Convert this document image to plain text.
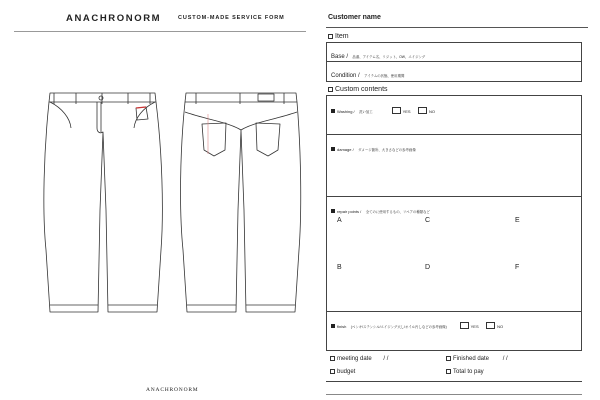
ANACHRONORM	CUSTOM-MADE SERVICE FORM
ANACHRONORM
Customer name
Item
Base / 品番、アイテム名、リジット、OW、エイジング
Condition / アイテムの状態、使用期間
Custom contents
Washing / 洗い加工	YES	NO
damage / ダメージ箇所、大きさなどの参考画像
repair points / 全てのに使用するもの、リペアの種類など
A	C	E
B	D	F
finish (ペンキ/ステンシル/エイジング大し/オイル汚しなどの参考画像)	YES	NO
meeting date / /	Finished date / /
budget	Total to pay
